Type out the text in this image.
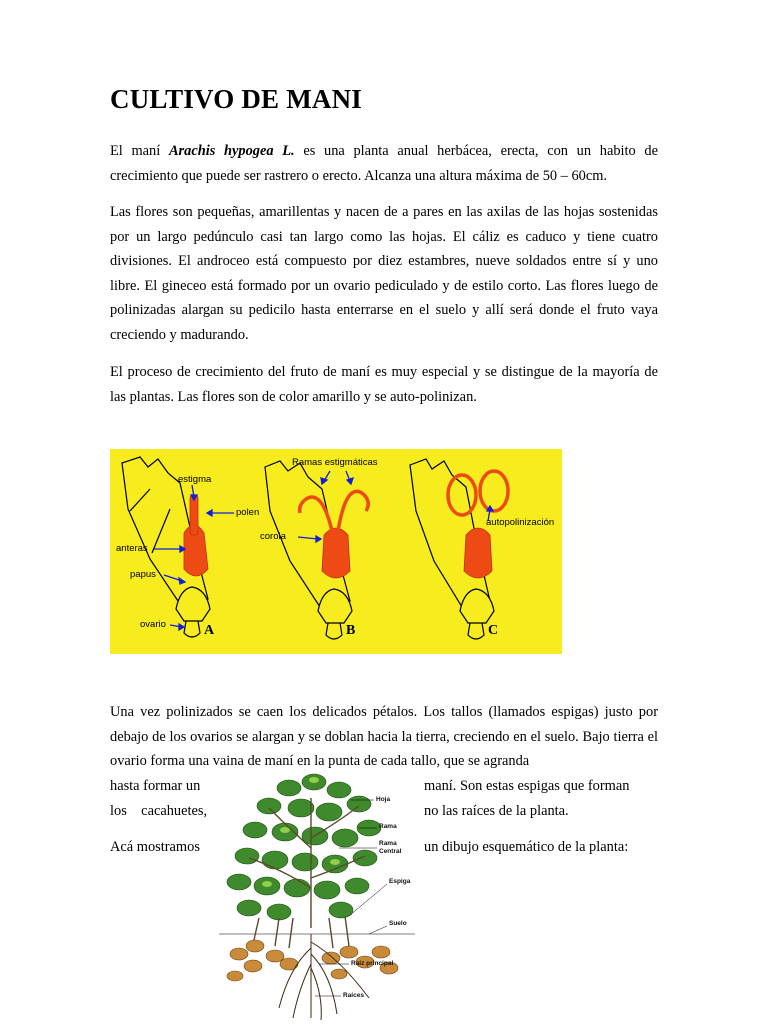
CULTIVO DE MANI

El maní Arachis hypogea L. es una planta anual herbácea, erecta, con un habito de crecimiento que puede ser rastrero o erecto. Alcanza una altura máxima de 50 – 60cm.

Las flores son pequeñas, amarillentas y nacen de a pares en las axilas de las hojas sostenidas por un largo pedúnculo casi tan largo como las hojas. El cáliz es caduco y tiene cuatro divisiones. El androceo está compuesto por diez estambres, nueve soldados entre sí y uno libre. El gineceo está formado por un ovario pediculado y de estilo corto. Las flores luego de polinizadas alargan su pedicilo hasta enterrarse en el suelo y allí será donde el fruto vaya creciendo y madurando.

El proceso de crecimiento del fruto de maní es muy especial y se distingue de la mayoría de las plantas. Las flores son de color amarillo y se auto-polinizan.

estigma
polen
anteras
papus
ovario
Ramas estigmáticas
corola
autopolinización
A	B	C

Una vez polinizados se caen los delicados pétalos. Los tallos (llamados espigas) justo por debajo de los ovarios se alargan y se doblan hacia la tierra, creciendo en el suelo. Bajo tierra el ovario forma una vaina de maní en la punta de cada tallo, que se agranda

hasta formar un	maní. Son estas espigas que forman
los    cacahuetes,	no las raíces de la planta.
Acá mostramos	un dibujo esquemático de la planta:
Hoja
Rama
Rama
Central
Espiga
Suelo
Raíz principal
Raíces
